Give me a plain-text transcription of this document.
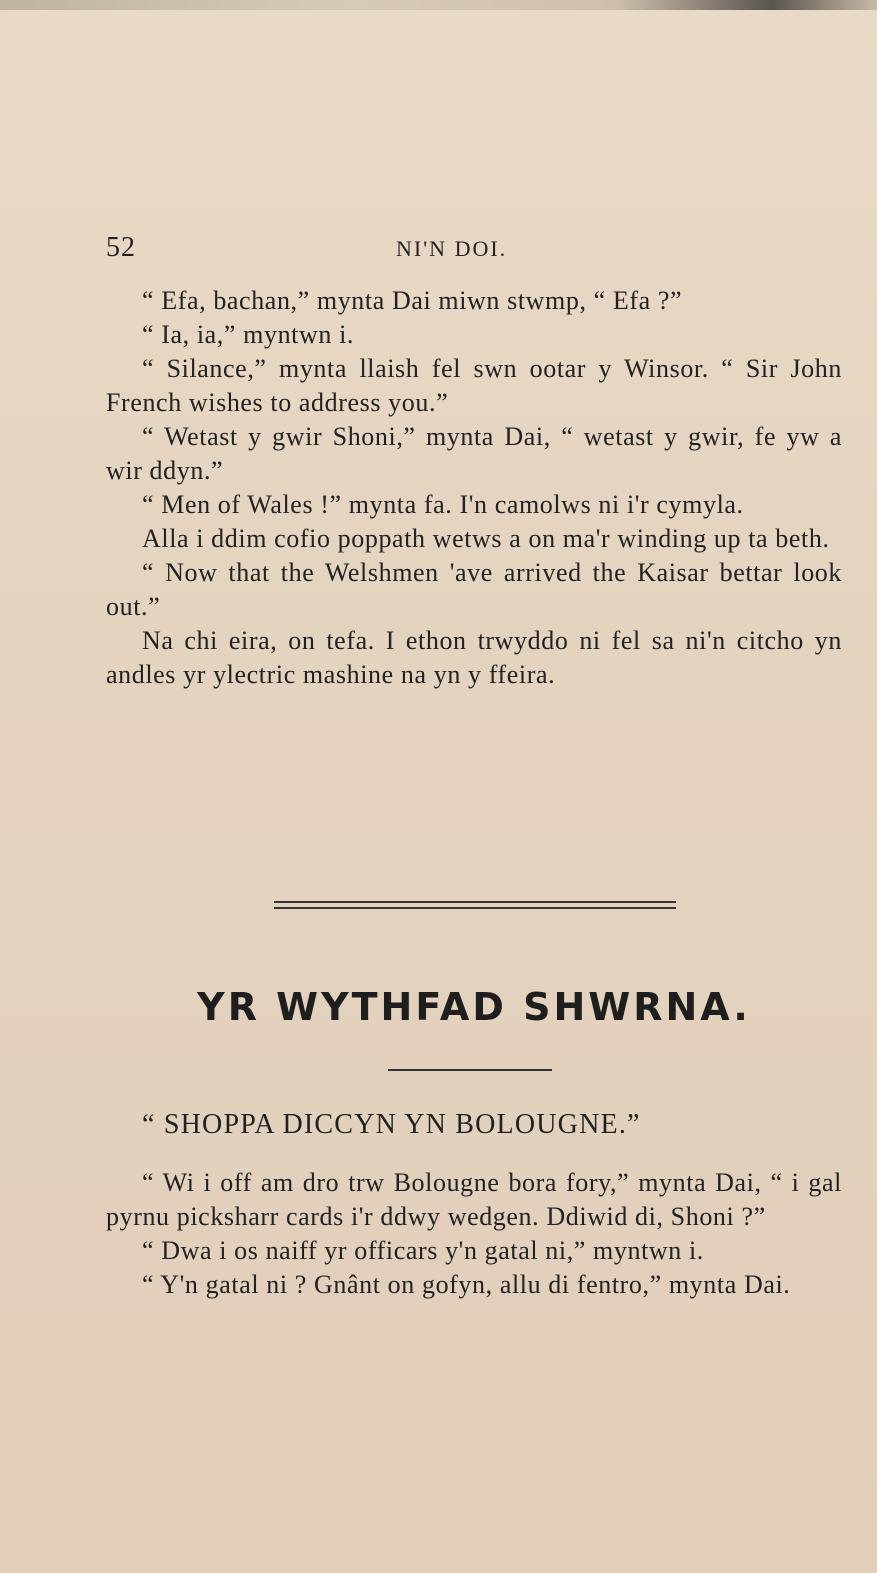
52	NI'N DOI.

“ Efa, bachan,” mynta Dai miwn stwmp, “ Efa ?”

“ Ia, ia,” myntwn i.

“ Silance,” mynta llaish fel swn ootar y Winsor. “ Sir John French wishes to address you.”

“ Wetast y gwir Shoni,” mynta Dai, “ wetast y gwir, fe yw a wir ddyn.”

“ Men of Wales !” mynta fa. I'n camolws ni i'r cymyla.

Alla i ddim cofio poppath wetws a on ma'r winding up ta beth.

“ Now that the Welshmen 'ave arrived the Kaisar bettar look out.”

Na chi eira, on tefa. I ethon trwyddo ni fel sa ni'n citcho yn andles yr ylectric mashine na yn y ffeira.

YR WYTHFAD SHWRNA.
“ SHOPPA DICCYN YN BOLOUGNE.”

“ Wi i off am dro trw Bolougne bora fory,” mynta Dai, “ i gal pyrnu picksharr cards i'r ddwy wedgen. Ddiwid di, Shoni ?”

“ Dwa i os naiff yr officars y'n gatal ni,” myntwn i.

“ Y'n gatal ni ? Gnânt on gofyn, allu di fentro,” mynta Dai.
